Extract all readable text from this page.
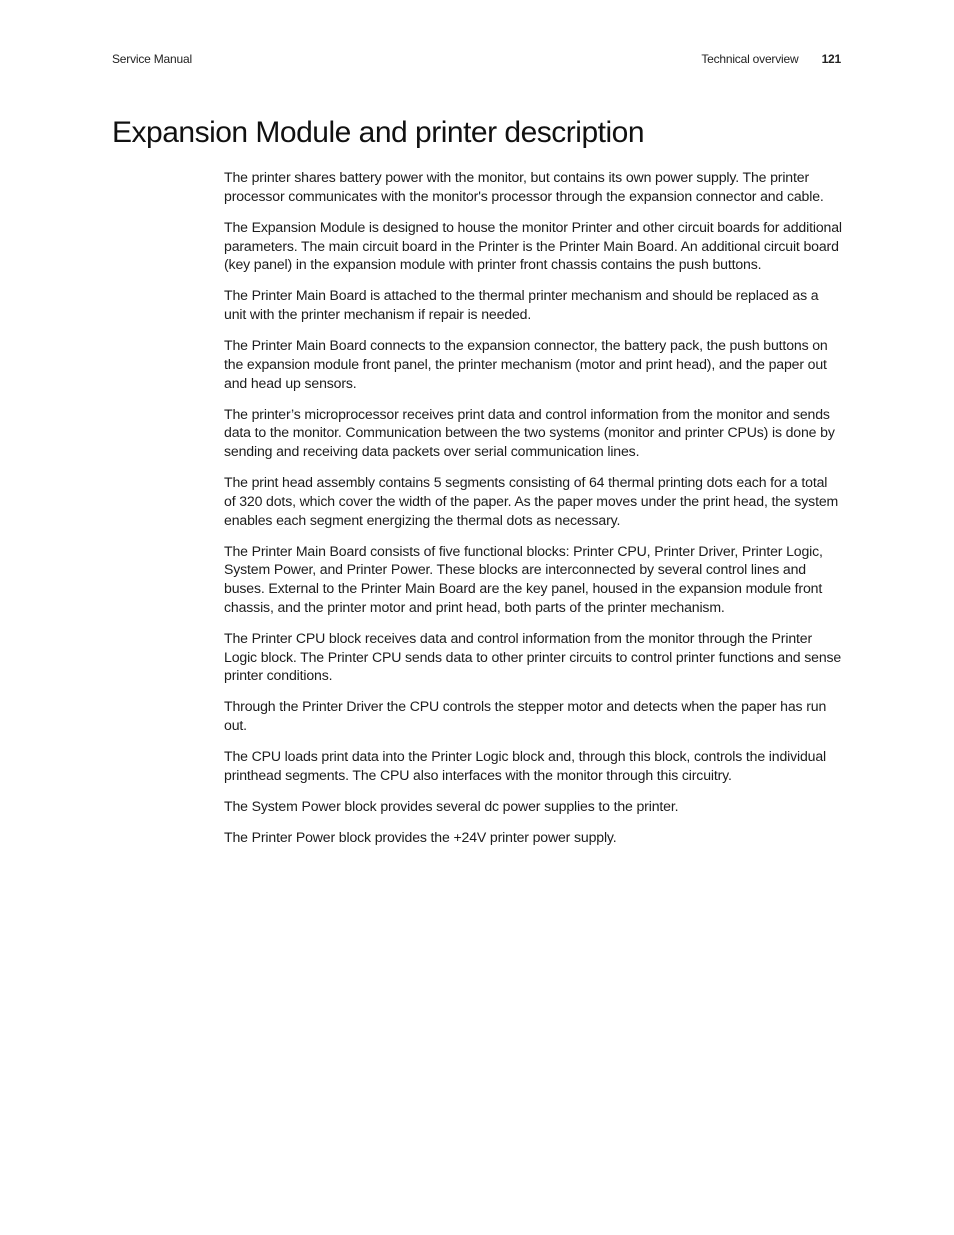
Service Manual	Technical overview 121
Expansion Module and printer description

The printer shares battery power with the monitor, but contains its own power supply. The printer processor communicates with the monitor's processor through the expansion connector and cable.

The Expansion Module is designed to house the monitor Printer and other circuit boards for additional parameters. The main circuit board in the Printer is the Printer Main Board. An additional circuit board (key panel) in the expansion module with printer front chassis contains the push buttons.

The Printer Main Board is attached to the thermal printer mechanism and should be replaced as a unit with the printer mechanism if repair is needed.

The Printer Main Board connects to the expansion connector, the battery pack, the push buttons on the expansion module front panel, the printer mechanism (motor and print head), and the paper out and head up sensors.

The printer’s microprocessor receives print data and control information from the monitor and sends data to the monitor. Communication between the two systems (monitor and printer CPUs) is done by sending and receiving data packets over serial communication lines.

The print head assembly contains 5 segments consisting of 64 thermal printing dots each for a total of 320 dots, which cover the width of the paper. As the paper moves under the print head, the system enables each segment energizing the thermal dots as necessary.

The Printer Main Board consists of five functional blocks: Printer CPU, Printer Driver, Printer Logic, System Power, and Printer Power. These blocks are interconnected by several control lines and buses. External to the Printer Main Board are the key panel, housed in the expansion module front chassis, and the printer motor and print head, both parts of the printer mechanism.

The Printer CPU block receives data and control information from the monitor through the Printer Logic block. The Printer CPU sends data to other printer circuits to control printer functions and sense printer conditions.

Through the Printer Driver the CPU controls the stepper motor and detects when the paper has run out.

The CPU loads print data into the Printer Logic block and, through this block, controls the individual printhead segments. The CPU also interfaces with the monitor through this circuitry.

The System Power block provides several dc power supplies to the printer.

The Printer Power block provides the +24V printer power supply.
